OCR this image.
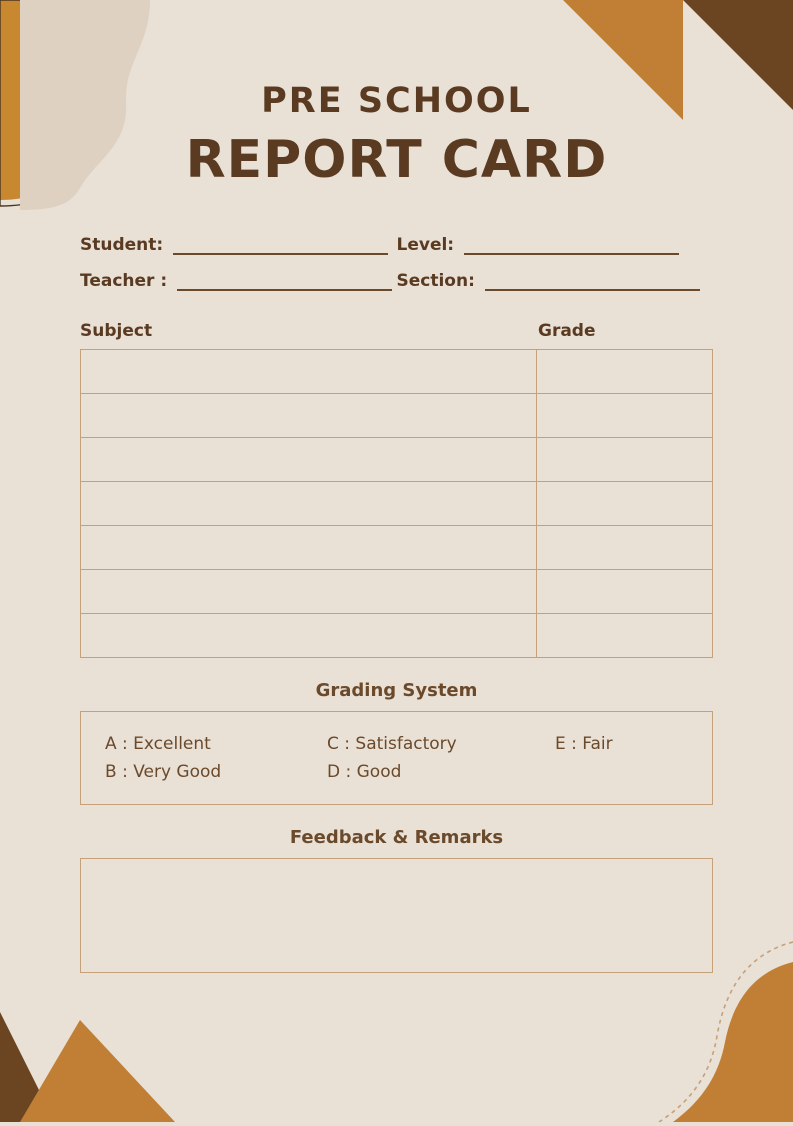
PRE SCHOOL
REPORT CARD
Student:	Level:
Teacher :	Section:
Subject	Grade

Grading System
A : Excellent	C : Satisfactory	E : Fair
B : Very Good	D : Good
Feedback & Remarks
